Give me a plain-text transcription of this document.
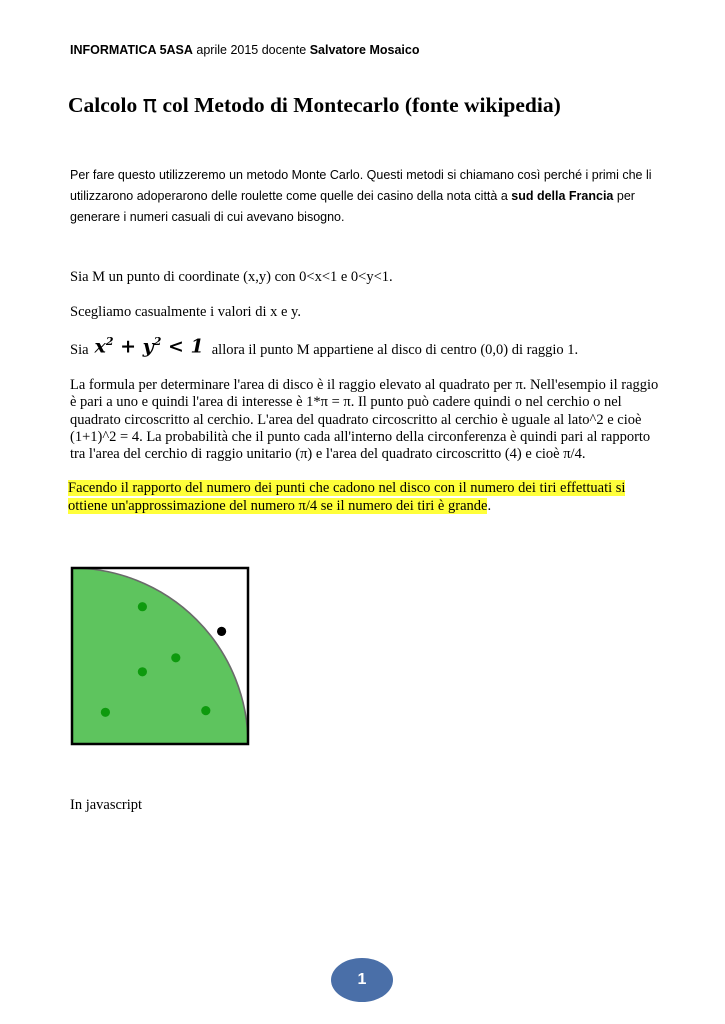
INFORMATICA 5ASA aprile 2015 docente Salvatore Mosaico
Calcolo π col Metodo di Montecarlo (fonte wikipedia)
Per fare questo utilizzeremo un metodo Monte Carlo. Questi metodi si chiamano così perché i primi che li utilizzarono adoperarono delle roulette come quelle dei casino della nota città a sud della Francia per generare i numeri casuali di cui avevano bisogno.
Sia M un punto di coordinate (x,y) con 0<x<1 e 0<y<1.
Scegliamo casualmente i valori di x e y.
Sia $x^2 + y^2 < 1$ allora il punto M appartiene al disco di centro (0,0) di raggio 1.
La formula per determinare l'area di disco è il raggio elevato al quadrato per π. Nell'esempio il raggio è pari a uno e quindi l'area di interesse è 1*π = π. Il punto può cadere quindi o nel cerchio o nel quadrato circoscritto al cerchio. L'area del quadrato circoscritto al cerchio è uguale al lato^2 e cioè (1+1)^2 = 4. La probabilità che il punto cada all'interno della circonferenza è quindi pari al rapporto tra l'area del cerchio di raggio unitario (π) e l'area del quadrato circoscritto (4) e cioè π/4.
Facendo il rapporto del numero dei punti che cadono nel disco con il numero dei tiri effettuati si ottiene un'approssimazione del numero π/4 se il numero dei tiri è grande.
In javascript
1
